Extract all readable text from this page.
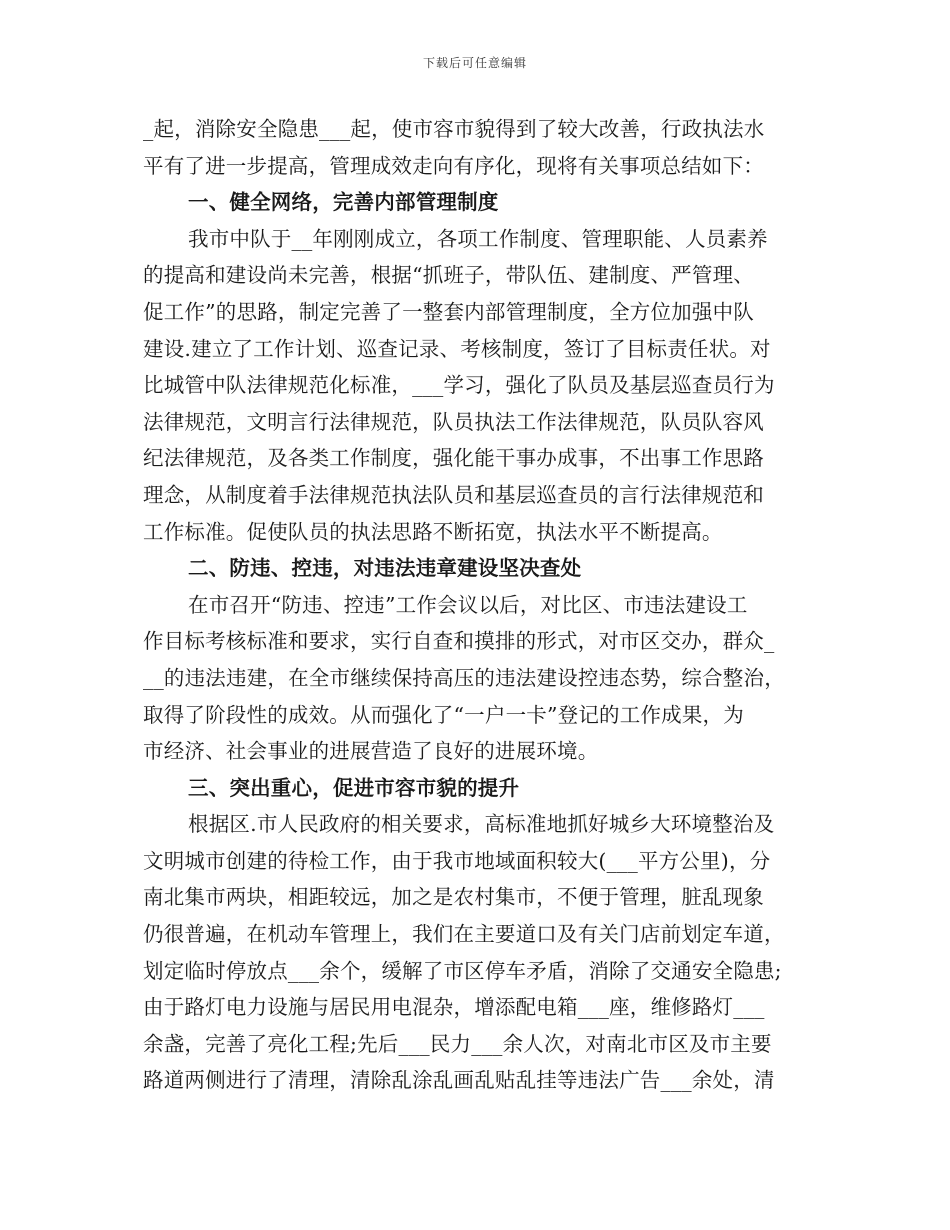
下载后可任意编辑
_起，消除安全隐患___起，使市容市貌得到了较大改善，行政执法水
平有了进一步提高，管理成效走向有序化，现将有关事项总结如下：
一、健全网络，完善内部管理制度
我市中队于__年刚刚成立，各项工作制度、管理职能、人员素养
的提高和建设尚未完善，根据“抓班子，带队伍、建制度、严管理、
促工作”的思路，制定完善了一整套内部管理制度，全方位加强中队
建设.建立了工作计划、巡查记录、考核制度，签订了目标责任状。对
比城管中队法律规范化标准，___学习，强化了队员及基层巡查员行为
法律规范，文明言行法律规范，队员执法工作法律规范，队员队容风
纪法律规范，及各类工作制度，强化能干事办成事，不出事工作思路
理念，从制度着手法律规范执法队员和基层巡查员的言行法律规范和
工作标准。促使队员的执法思路不断拓宽，执法水平不断提高。
二、防违、控违，对违法违章建设坚决查处
在市召开“防违、控违”工作会议以后，对比区、市违法建设工
作目标考核标准和要求，实行自查和摸排的形式，对市区交办，群众_
__的违法违建，在全市继续保持高压的违法建设控违态势，综合整治，
取得了阶段性的成效。从而强化了“一户一卡”登记的工作成果，为
市经济、社会事业的进展营造了良好的进展环境。
三、突出重心，促进市容市貌的提升
根据区.市人民政府的相关要求，高标准地抓好城乡大环境整治及
文明城市创建的待检工作，由于我市地域面积较大(___平方公里)，分
南北集市两块，相距较远，加之是农村集市，不便于管理，脏乱现象
仍很普遍，在机动车管理上，我们在主要道口及有关门店前划定车道，
划定临时停放点___余个，缓解了市区停车矛盾，消除了交通安全隐患;
由于路灯电力设施与居民用电混杂，增添配电箱___座，维修路灯___
余盏，完善了亮化工程;先后___民力___余人次，对南北市区及市主要
路道两侧进行了清理，清除乱涂乱画乱贴乱挂等违法广告___余处，清
